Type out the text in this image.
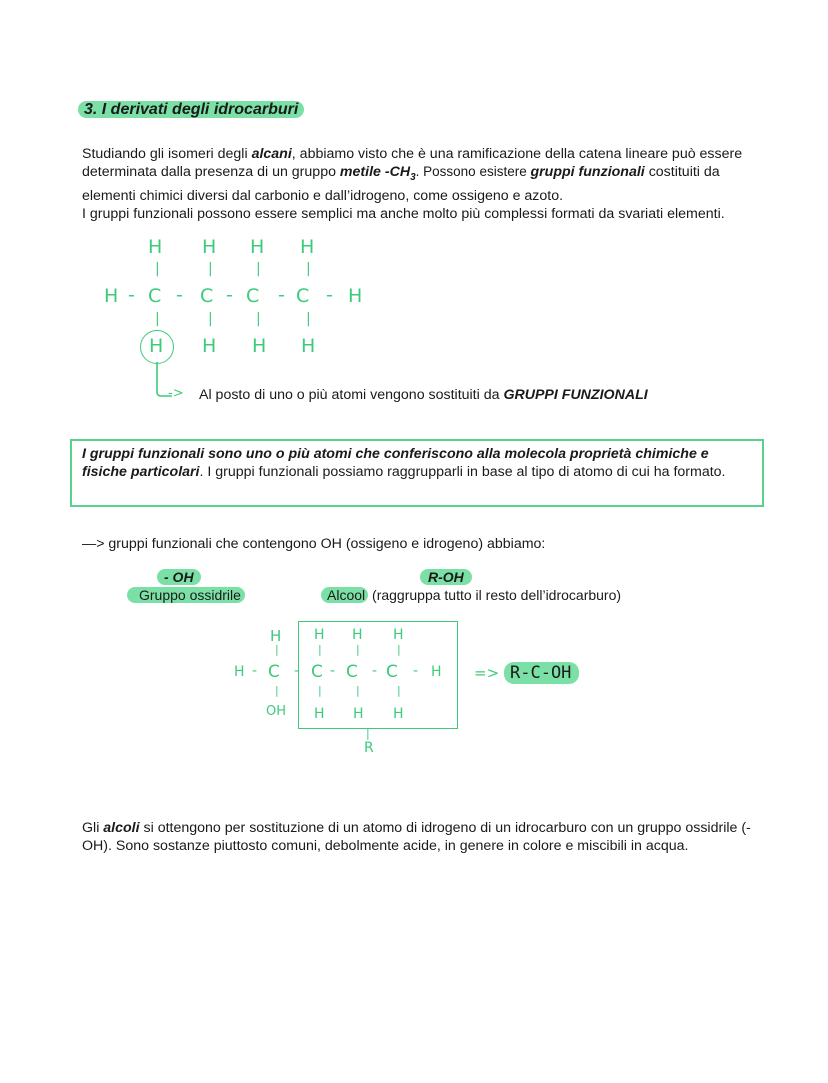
3. I derivati degli idrocarburi
Studiando gli isomeri degli alcani, abbiamo visto che è una ramificazione della catena lineare può essere determinata dalla presenza di un gruppo metile $-CH_3$. Possono esistere gruppi funzionali costituiti da elementi chimici diversi dal carbonio e dall’idrogeno, come ossigeno e azoto.
I gruppi funzionali possono essere semplici ma anche molto più complessi formati da svariati elementi.
H H H H
|	|	|	|
H - C - C - C - C - H
|	|	|	|
H H H H
-> Al posto di uno o più atomi vengono sostituiti da GRUPPI FUNZIONALI
I gruppi funzionali sono uno o più atomi che conferiscono alla molecola proprietà chimiche e fisiche particolari. I gruppi funzionali possiamo raggrupparli in base al tipo di atomo di cui ha formato.
—> gruppi funzionali che contengono OH (ossigeno e idrogeno) abbiamo:
- OH
Gruppo ossidrile
R-OH
Alcool (raggruppa tutto il resto dell’idrocarburo)
H H H H
|	|	|	|
H - C - C - C - C - H
|	|	|	|
OH H H H
|
R
=> R-C-OH
Gli alcoli si ottengono per sostituzione di un atomo di idrogeno di un idrocarburo con un gruppo ossidrile (- OH). Sono sostanze piuttosto comuni, debolmente acide, in genere in colore e miscibili in acqua.
